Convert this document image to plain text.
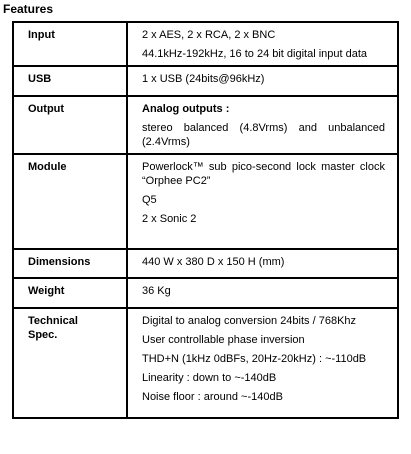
Features
Input	2 x AES, 2 x RCA, 2 x BNC
44.1kHz-192kHz, 16 to 24 bit digital input data

USB	1 x USB (24bits@96kHz)

Output	Analog outputs :
stereo balanced (4.8Vrms) and unbalanced (2.4Vrms)

Module	Powerlock™ sub pico-second lock master clock “Orphee PC2”
Q5
2 x Sonic 2

Dimensions	440 W x 380 D x 150 H (mm)

Weight	36 Kg

Technical Spec.	Digital to analog conversion 24bits / 768Khz
User controllable phase inversion
THD+N (1kHz 0dBFs, 20Hz-20kHz) : ~-110dB
Linearity : down to ~-140dB
Noise floor : around ~-140dB
